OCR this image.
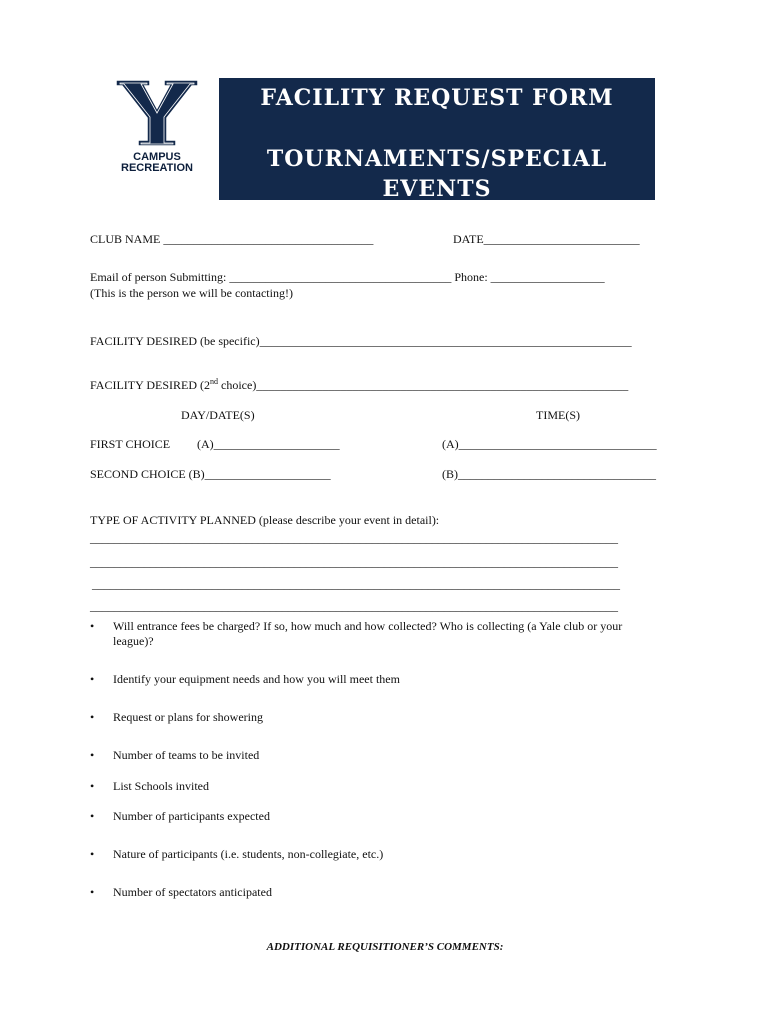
CAMPUS
RECREATION
FACILITY REQUEST FORM
TOURNAMENTS/SPECIAL EVENTS
CLUB NAME ___________________________________	DATE__________________________
Email of person Submitting: _____________________________________ Phone: ___________________
(This is the person we will be contacting!)
FACILITY DESIRED (be specific)______________________________________________________________
FACILITY DESIRED (2nd choice)______________________________________________________________
DAY/DATE(S)	TIME(S)
FIRST CHOICE (A)_____________________	(A)_________________________________
SECOND CHOICE (B)_____________________	(B)_________________________________
TYPE OF ACTIVITY PLANNED (please describe your event in detail):
________________________________________________________________________________________
________________________________________________________________________________________
________________________________________________________________________________________
________________________________________________________________________________________
• Will entrance fees be charged? If so, how much and how collected? Who is collecting (a Yale club or your
league)?
• Identify your equipment needs and how you will meet them
• Request or plans for showering
• Number of teams to be invited
• List Schools invited
• Number of participants expected
• Nature of participants (i.e. students, non-collegiate, etc.)
• Number of spectators anticipated
ADDITIONAL REQUISITIONER’S COMMENTS:
